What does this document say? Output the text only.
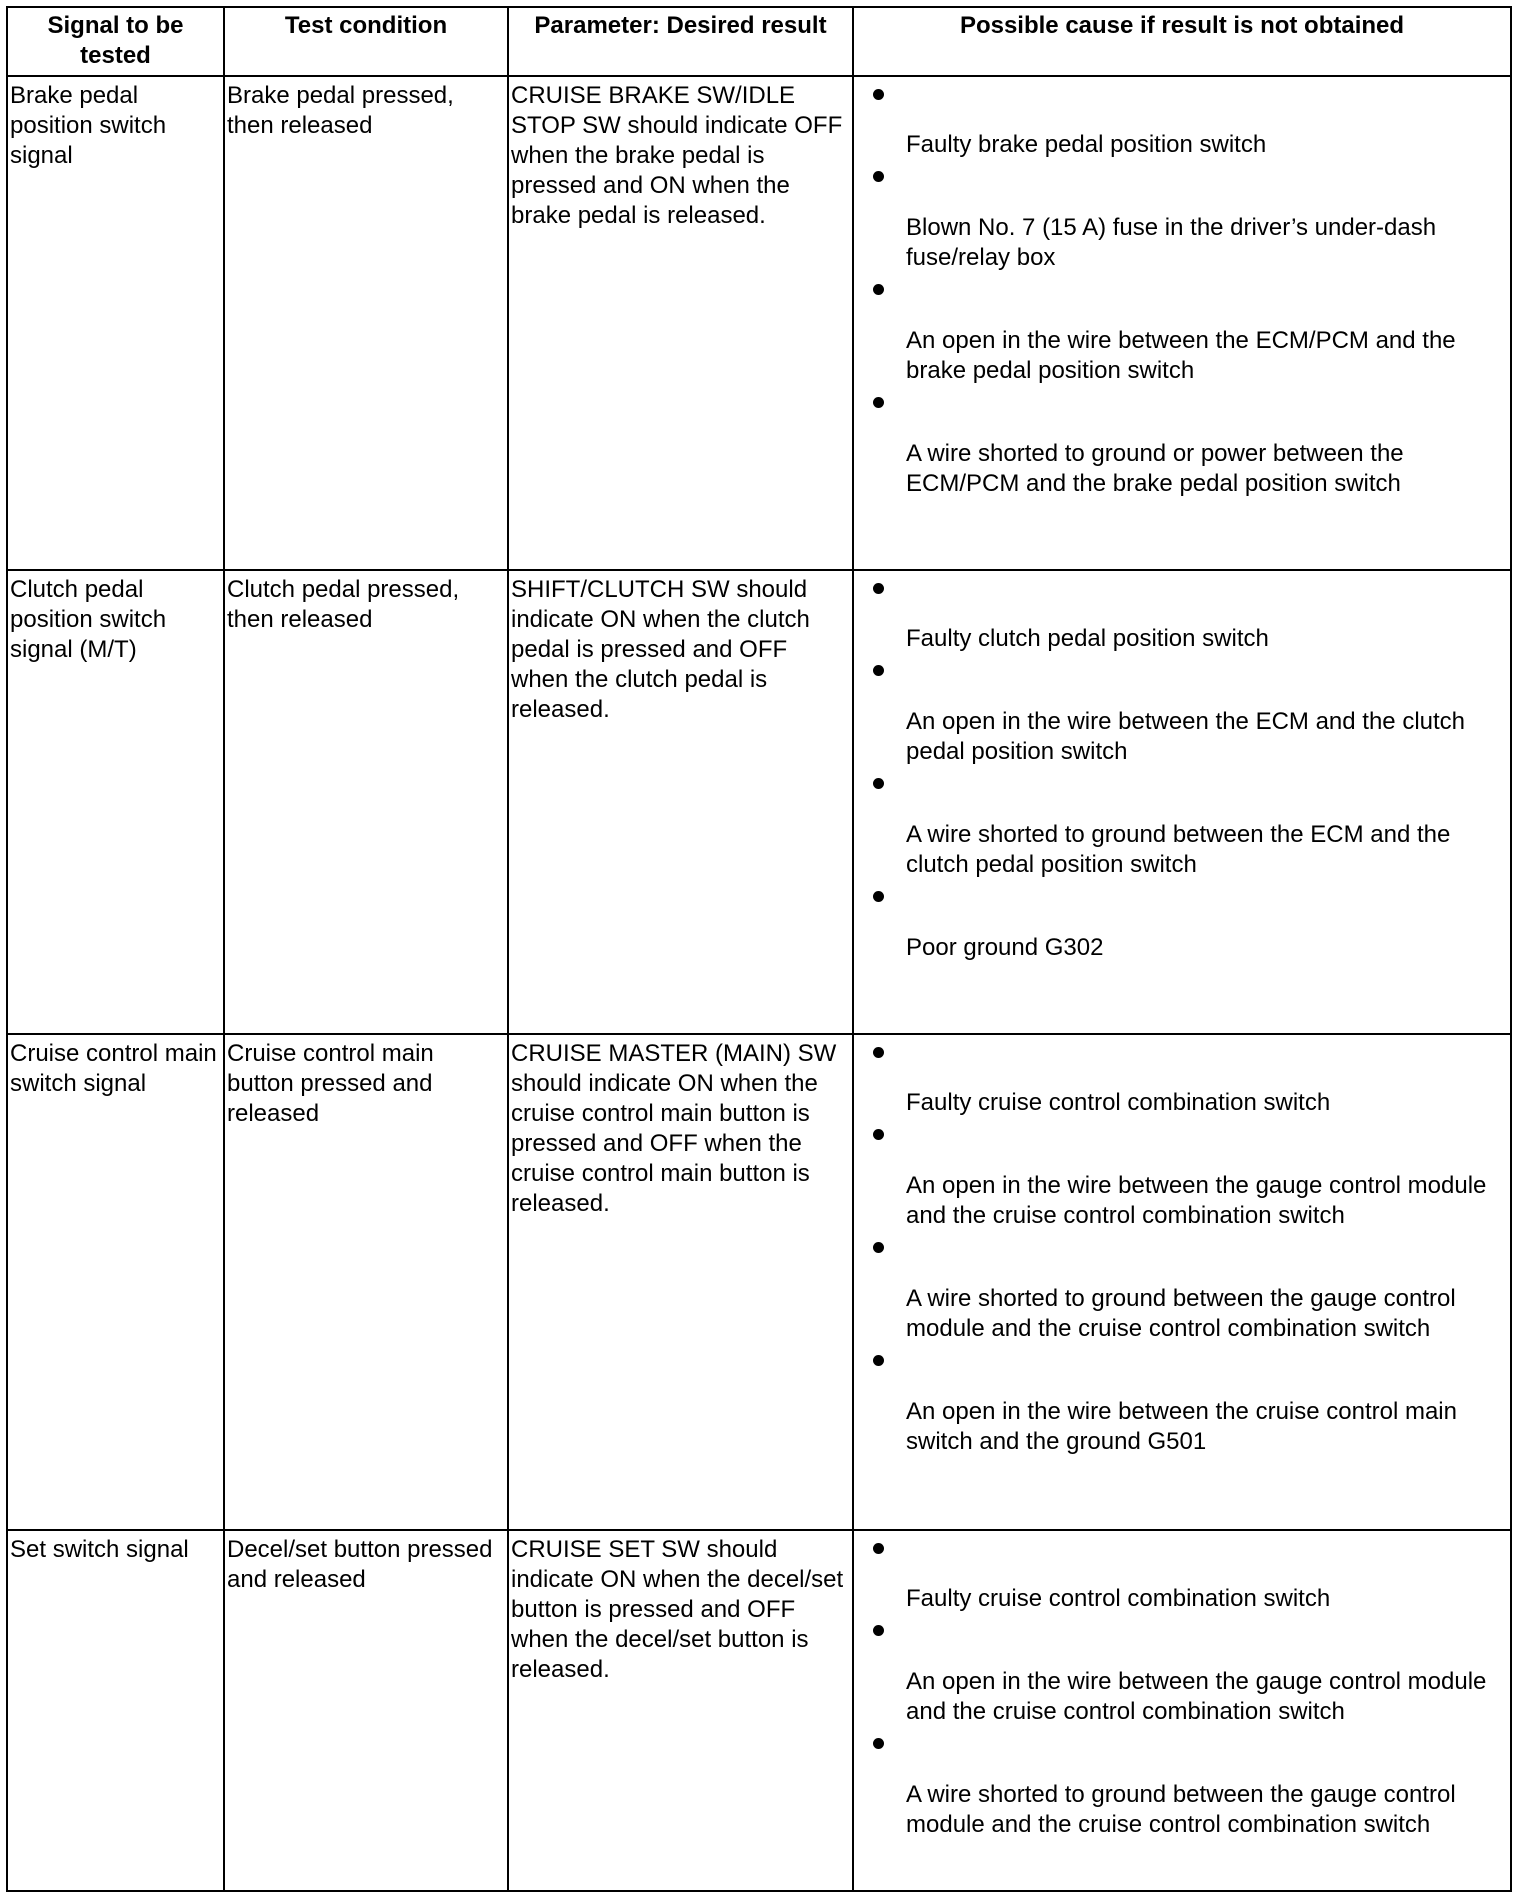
Signal to be tested	Test condition	Parameter: Desired result	Possible cause if result is not obtained

Brake pedal position switch signal	Brake pedal pressed, then released	CRUISE BRAKE SW/IDLE STOP SW should indicate OFF when the brake pedal is pressed and ON when the brake pedal is released.	Faulty brake pedal position switch
Blown No. 7 (15 A) fuse in the driver’s under-dash fuse/relay box
An open in the wire between the ECM/PCM and the brake pedal position switch
A wire shorted to ground or power between the ECM/PCM and the brake pedal position switch

Clutch pedal position switch signal (M/T)	Clutch pedal pressed, then released	SHIFT/CLUTCH SW should indicate ON when the clutch pedal is pressed and OFF when the clutch pedal is released.	Faulty clutch pedal position switch
An open in the wire between the ECM and the clutch pedal position switch
A wire shorted to ground between the ECM and the clutch pedal position switch
Poor ground G302

Cruise control main switch signal	Cruise control main button pressed and released	CRUISE MASTER (MAIN) SW should indicate ON when the cruise control main button is pressed and OFF when the cruise control main button is released.	Faulty cruise control combination switch
An open in the wire between the gauge control module and the cruise control combination switch
A wire shorted to ground between the gauge control module and the cruise control combination switch
An open in the wire between the cruise control main switch and the ground G501

Set switch signal	Decel/set button pressed and released	CRUISE SET SW should indicate ON when the decel/set button is pressed and OFF when the decel/set button is released.	Faulty cruise control combination switch
An open in the wire between the gauge control module and the cruise control combination switch
A wire shorted to ground between the gauge control module and the cruise control combination switch
